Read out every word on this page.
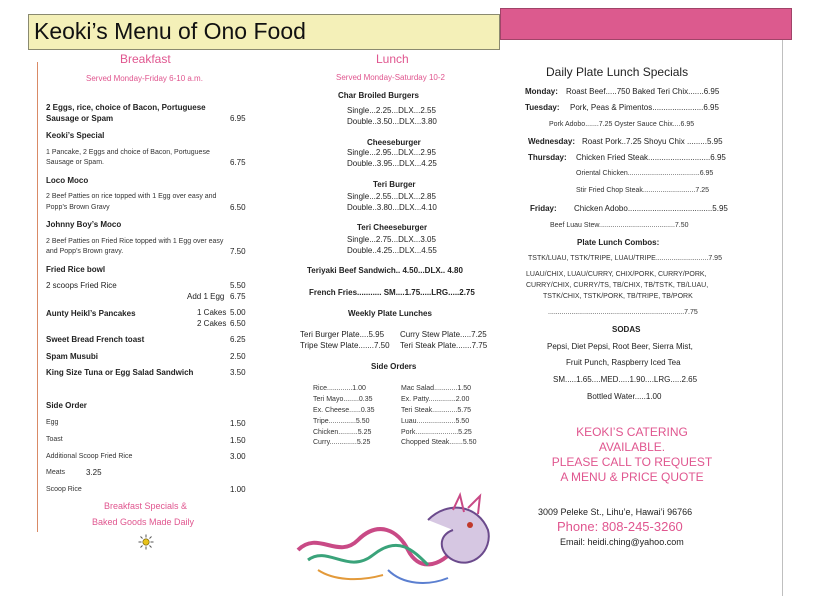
Keoki’s Menu of Ono Food
Breakfast
Served Monday-Friday 6-10 a.m.
2 Eggs, rice, choice of Bacon, Portuguese
Sausage or Spam	6.95
Keoki’s Special
1 Pancake, 2 Eggs and choice of Bacon, Portuguese
Sausage or Spam.	6.75
Loco Moco
2 Beef Patties on rice topped with 1 Egg over easy and
Popp’s Brown Gravy	6.50
Johnny Boy’s Moco
2 Beef Patties on Fried Rice topped with 1 Egg over easy
and Popp’s Brown gravy.	7.50
Fried Rice bowl
2 scoops Fried Rice	5.50
Add 1 Egg 6.75
Aunty Heikl’s Pancakes	1 Cakes 5.00
2 Cakes 6.50
Sweet Bread French toast	6.25
Spam Musubi	2.50
King Size Tuna or Egg Salad Sandwich	3.50
Side Order
Egg	1.50
Toast	1.50
Additional Scoop Fried Rice	3.00
Meats	3.25
Scoop Rice	1.00
Breakfast Specials &
Baked Goods Made Daily
Lunch
Served Monday-Saturday 10-2
Char Broiled Burgers
Single...2.25...DLX...2.55
Double..3.50...DLX...3.80
Cheeseburger
Single...2.95...DLX...2.95
Double..3.95...DLX...4.25
Teri Burger
Single...2.55...DLX...2.85
Double..3.80...DLX...4.10
Teri Cheeseburger
Single...2.75...DLX...3.05
Double..4.25...DLX...4.55
Teriyaki Beef Sandwich.. 4.50...DLX.. 4.80
French Fries........... SM....1.75.....LRG.....2.75
Weekly Plate Lunches
Teri Burger Plate....5.95 Curry Stew Plate.....7.25
Tripe Stew Plate.......7.50 Teri Steak Plate.......7.75
Side Orders
Rice.............1.00	Mac Salad............1.50
Teri Mayo........0.35	Ex. Patty..............2.00
Ex. Cheese......0.35	Teri Steak.............5.75
Tripe..............5.50	Luau....................5.50
Chicken..........5.25	Pork......................5.25
Curry..............5.25	Chopped Steak.......5.50
Daily Plate Lunch Specials
Monday: Roast Beef.....750 Baked Teri Chix.......6.95
Tuesday: Pork, Peas & Pimentos.......................6.95
Pork Adobo.......7.25 Oyster Sauce Chix....6.95
Wednesday: Roast Pork..7.25 Shoyu Chix .........5.95
Thursday: Chicken Fried Steak............................6.95
Oriental Chicken.....................................6.95
Stir Fried Chop Steak...........................7.25
Friday: Chicken Adobo......................................5.95
Beef Luau Stew.......................................7.50
Plate Lunch Combos:
TSTK/LUAU, TSTK/TRIPE, LUAU/TRIPE...........................7.95
LUAU/CHIX, LUAU/CURRY, CHIX/PORK, CURRY/PORK,
CURRY/CHIX, CURRY/TS, TB/CHIX, TB/TSTK, TB/LUAU,
TSTK/CHIX, TSTK/PORK, TB/TRIPE, TB/PORK
......................................................................7.75
SODAS
Pepsi, Diet Pepsi, Root Beer, Sierra Mist,
Fruit Punch, Raspberry Iced Tea
SM.....1.65....MED.....1.90....LRG.....2.65
Bottled Water.....1.00
KEOKI’S CATERING
AVAILABLE.
PLEASE CALL TO REQUEST
A MENU & PRICE QUOTE
3009 Peleke St., Lihu’e, Hawai’i 96766
Phone: 808-245-3260
Email: heidi.ching@yahoo.com
